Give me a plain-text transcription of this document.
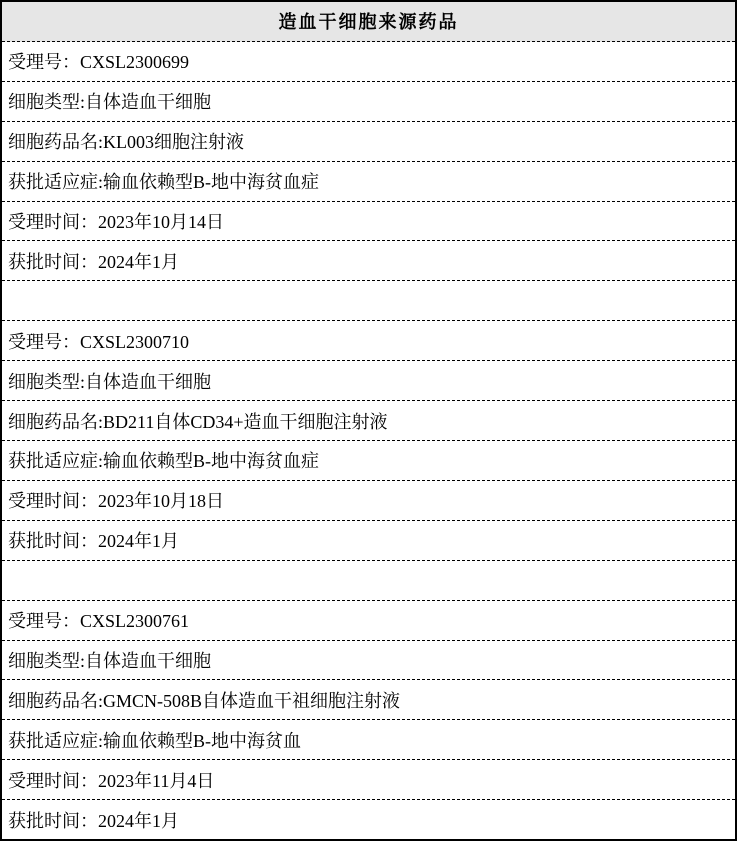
造血干细胞来源药品
受理号：CXSL2300699
细胞类型:自体造血干细胞
细胞药品名:KL003细胞注射液
获批适应症:输血依赖型B-地中海贫血症
受理时间：2023年10月14日
获批时间：2024年1月
受理号：CXSL2300710
细胞类型:自体造血干细胞
细胞药品名:BD211自体CD34+造血干细胞注射液
获批适应症:输血依赖型B-地中海贫血症
受理时间：2023年10月18日
获批时间：2024年1月
受理号：CXSL2300761
细胞类型:自体造血干细胞
细胞药品名:GMCN-508B自体造血干祖细胞注射液
获批适应症:输血依赖型B-地中海贫血
受理时间：2023年11月4日
获批时间：2024年1月
